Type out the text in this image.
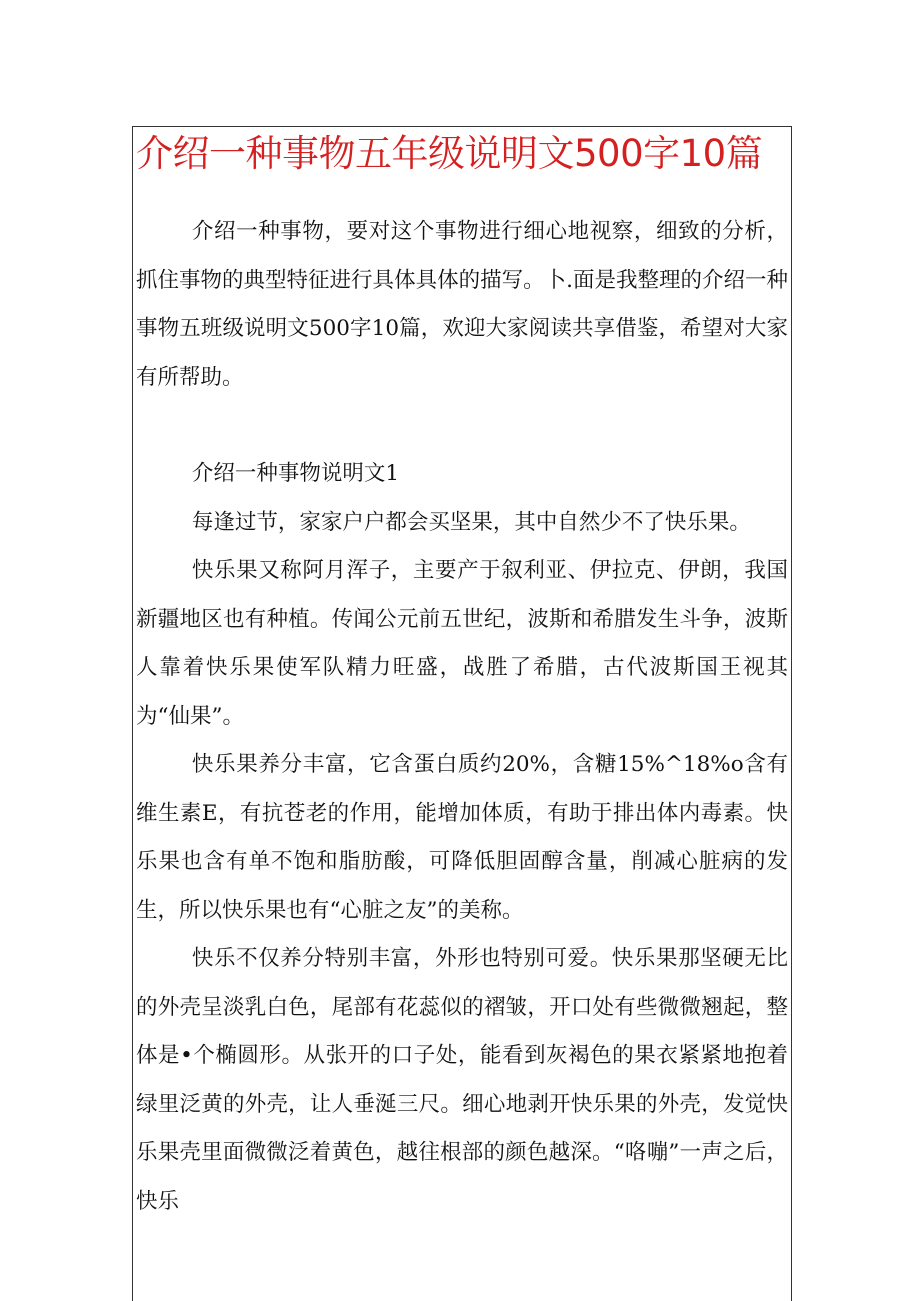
介绍一种事物五年级说明文500字10篇

介绍一种事物，要对这个事物进行细心地视察，细致的分析，抓住事物的典型特征进行具体具体的描写。卜.面是我整理的介绍一种事物五班级说明文500字10篇，欢迎大家阅读共享借鉴，希望对大家有所帮助。

介绍一种事物说明文1

每逢过节，家家户户都会买坚果，其中自然少不了快乐果。

快乐果又称阿月浑子，主要产于叙利亚、伊拉克、伊朗，我国新疆地区也有种植。传闻公元前五世纪，波斯和希腊发生斗争，波斯人靠着快乐果使军队精力旺盛，战胜了希腊，古代波斯国王视其为“仙果”。

快乐果养分丰富，它含蛋白质约20%，含糖15%^18%o含有维生素E，有抗苍老的作用，能增加体质，有助于排出体内毒素。快乐果也含有单不饱和脂肪酸，可降低胆固醇含量，削减心脏病的发生，所以快乐果也有“心脏之友”的美称。

快乐不仅养分特别丰富，外形也特别可爱。快乐果那坚硬无比的外壳呈淡乳白色，尾部有花蕊似的褶皱，开口处有些微微翘起，整体是•个椭圆形。从张开的口子处，能看到灰褐色的果衣紧紧地抱着绿里泛黄的外壳，让人垂涎三尺。细心地剥开快乐果的外壳，发觉快乐果壳里面微微泛着黄色，越往根部的颜色越深。“咯嘣”一声之后，快乐
